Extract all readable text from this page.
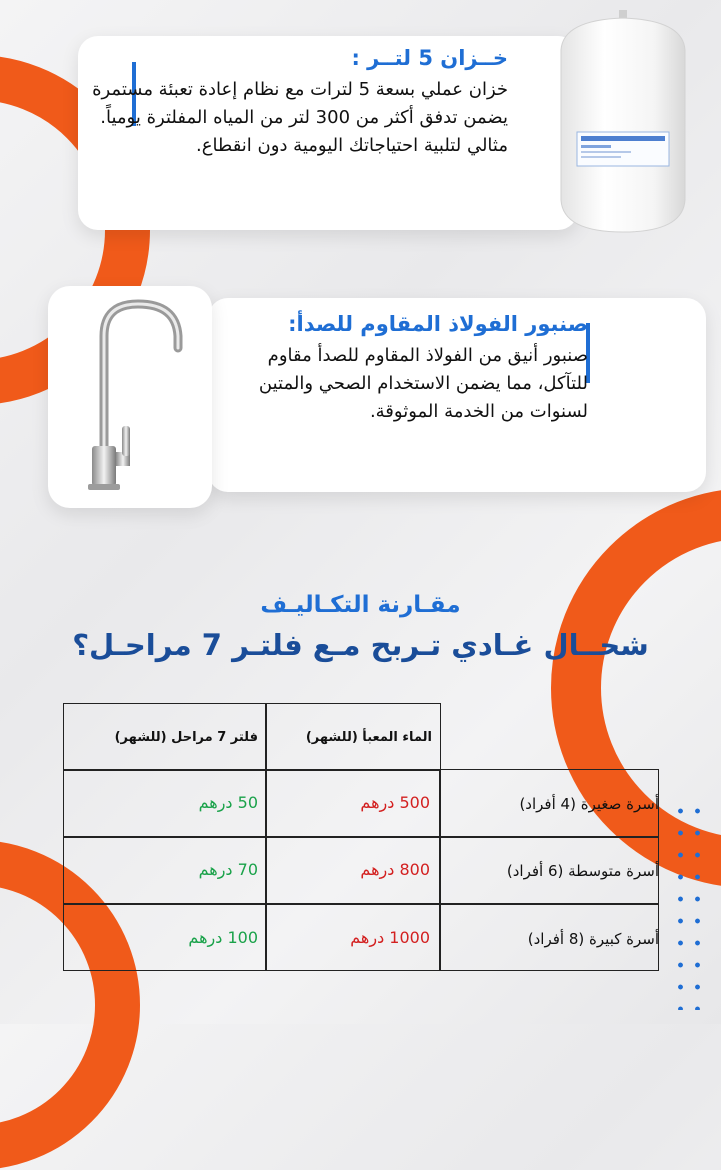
خــزان 5 لتــر :

خزان عملي بسعة 5 لترات مع نظام إعادة تعبئة مستمرة يضمن تدفق أكثر من 300 لتر من المياه المفلترة يومياً. مثالي لتلبية احتياجاتك اليومية دون انقطاع.

صنبور الفولاذ المقاوم للصدأ:

صنبور أنيق من الفولاذ المقاوم للصدأ مقاوم للتآكل، مما يضمن الاستخدام الصحي والمتين لسنوات من الخدمة الموثوقة.

مقـارنة التكـاليـف
شحــال غـادي تـربح مـع فلتـر 7 مراحـل؟
فلتر 7 مراحل (للشهر)	الماء المعبأ (للشهر)
أسرة صغيرة (4 أفراد)
500 درهم
50 درهم
أسرة متوسطة (6 أفراد)
800 درهم
70 درهم
أسرة كبيرة (8 أفراد)
1000 درهم
100 درهم
